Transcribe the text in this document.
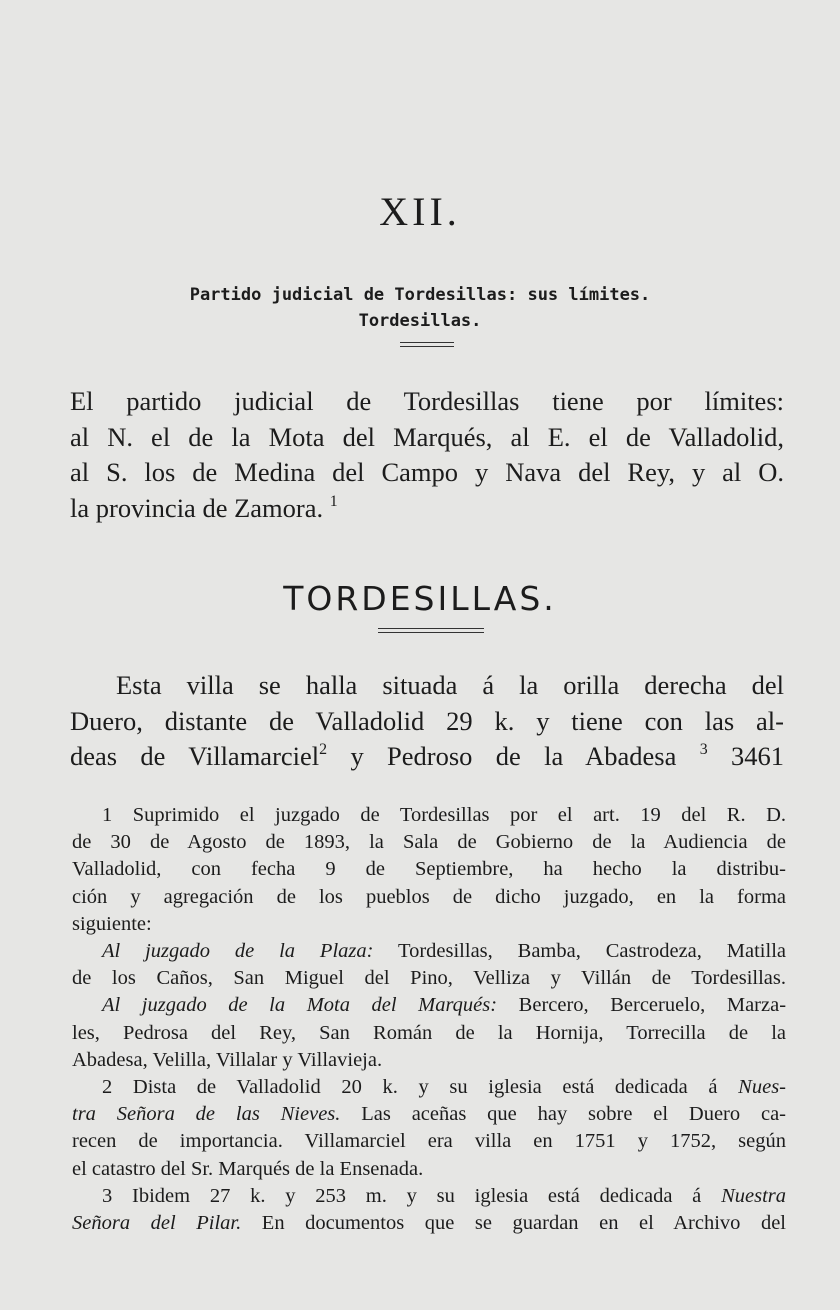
XII.
Partido judicial de Tordesillas: sus límites.
Tordesillas.
El partido judicial de Tordesillas tiene por límites:
al N. el de la Mota del Marqués, al E. el de Valladolid,
al S. los de Medina del Campo y Nava del Rey, y al O.
la provincia de Zamora. $^1$
TORDESILLAS.
Esta villa se halla situada á la orilla derecha del
Duero, distante de Valladolid 29 k. y tiene con las al-
deas de Villamarciel$^2$ y Pedroso de la Abadesa $^3$ 3461
1 Suprimido el juzgado de Tordesillas por el art. 19 del R. D.
de 30 de Agosto de 1893, la Sala de Gobierno de la Audiencia de
Valladolid, con fecha 9 de Septiembre, ha hecho la distribu-
ción y agregación de los pueblos de dicho juzgado, en la forma
siguiente:
Al juzgado de la Plaza: Tordesillas, Bamba, Castrodeza, Matilla
de los Caños, San Miguel del Pino, Velliza y Villán de Tordesillas.
Al juzgado de la Mota del Marqués: Bercero, Berceruelo, Marza-
les, Pedrosa del Rey, San Román de la Hornija, Torrecilla de la
Abadesa, Velilla, Villalar y Villavieja.
2 Dista de Valladolid 20 k. y su iglesia está dedicada á Nues-
tra Señora de las Nieves. Las aceñas que hay sobre el Duero ca-
recen de importancia. Villamarciel era villa en 1751 y 1752, según
el catastro del Sr. Marqués de la Ensenada.
3 Ibidem 27 k. y 253 m. y su iglesia está dedicada á Nuestra
Señora del Pilar. En documentos que se guardan en el Archivo del
